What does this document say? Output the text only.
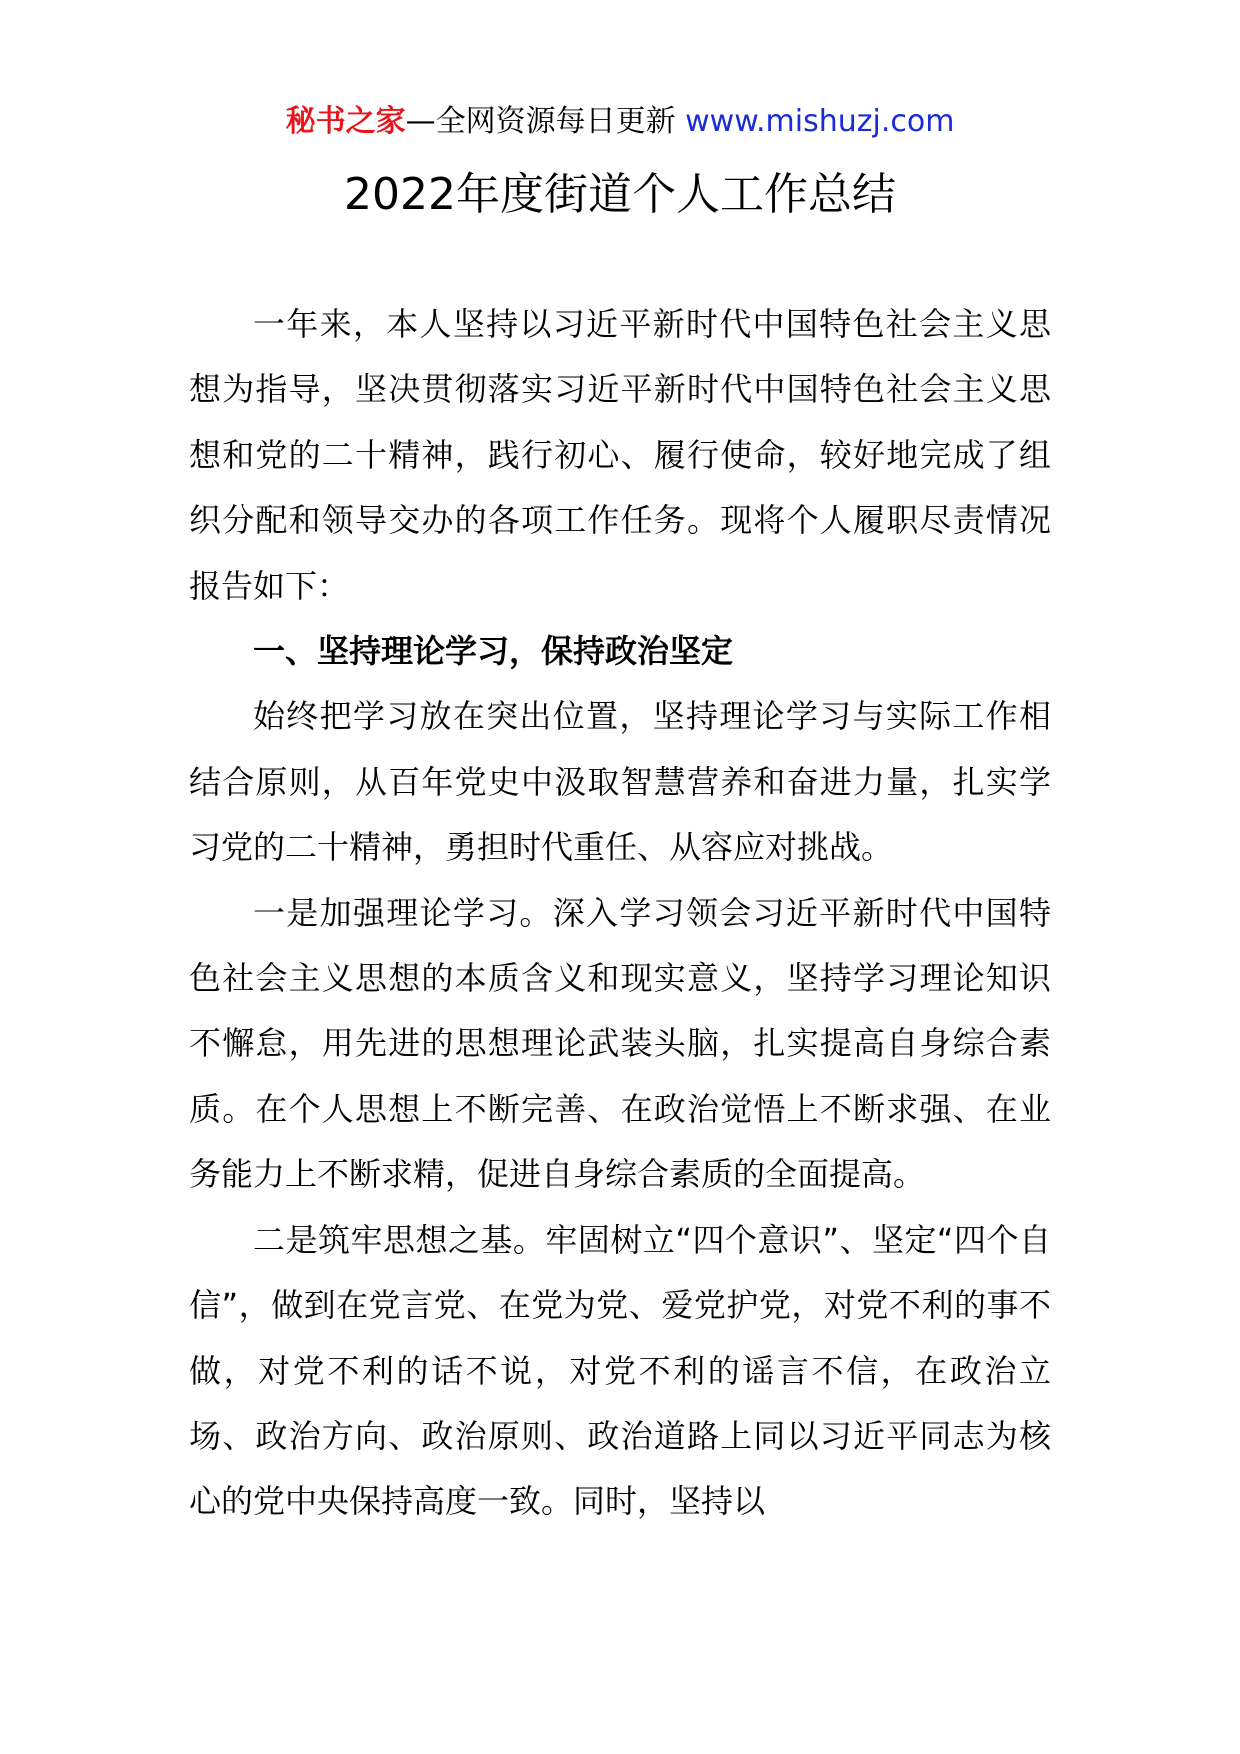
秘书之家—全网资源每日更新 www.mishuzj.com
2022年度街道个人工作总结

一年来，本人坚持以习近平新时代中国特色社会主义思想为指导，坚决贯彻落实习近平新时代中国特色社会主义思想和党的二十精神，践行初心、履行使命，较好地完成了组织分配和领导交办的各项工作任务。现将个人履职尽责情况报告如下：

一、坚持理论学习，保持政治坚定

始终把学习放在突出位置，坚持理论学习与实际工作相结合原则，从百年党史中汲取智慧营养和奋进力量，扎实学习党的二十精神，勇担时代重任、从容应对挑战。

一是加强理论学习。深入学习领会习近平新时代中国特色社会主义思想的本质含义和现实意义，坚持学习理论知识不懈怠，用先进的思想理论武装头脑，扎实提高自身综合素质。在个人思想上不断完善、在政治觉悟上不断求强、在业务能力上不断求精，促进自身综合素质的全面提高。

二是筑牢思想之基。牢固树立“四个意识”、坚定“四个自信”，做到在党言党、在党为党、爱党护党，对党不利的事不做，对党不利的话不说，对党不利的谣言不信，在政治立场、政治方向、政治原则、政治道路上同以习近平同志为核心的党中央保持高度一致。同时，坚持以
